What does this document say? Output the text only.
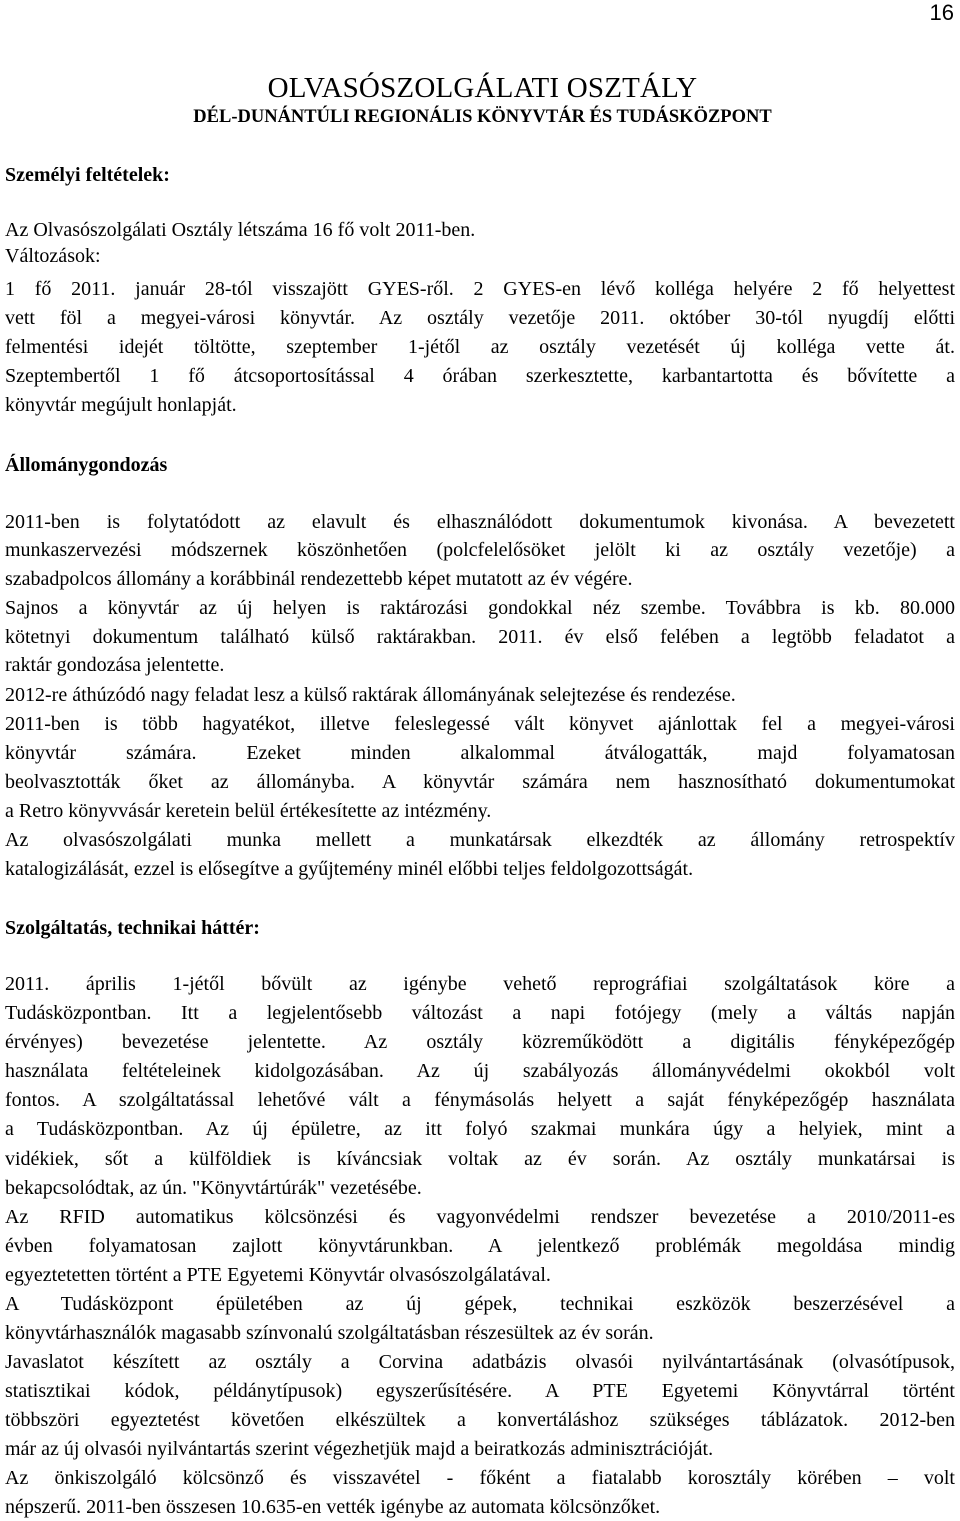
16
OLVASÓSZOLGÁLATI OSZTÁLY
DÉL-DUNÁNTÚLI REGIONÁLIS KÖNYVTÁR ÉS TUDÁSKÖZPONT
Személyi feltételek:
Az Olvasószolgálati Osztály létszáma 16 fő volt 2011-ben.
Változások:
1 fő 2011. január 28-tól visszajött GYES-ről. 2 GYES-en lévő kolléga helyére 2 fő helyettest
vett föl a megyei-városi könyvtár. Az osztály vezetője 2011. október 30-tól nyugdíj előtti
felmentési idejét töltötte, szeptember 1-jétől az osztály vezetését új kolléga vette át.
Szeptembertől 1 fő átcsoportosítással 4 órában szerkesztette, karbantartotta és bővítette a
könyvtár megújult honlapját.
Állománygondozás
2011-ben is folytatódott az elavult és elhasználódott dokumentumok kivonása. A bevezetett
munkaszervezési módszernek köszönhetően (polcfelelősöket jelölt ki az osztály vezetője) a
szabadpolcos állomány a korábbinál rendezettebb képet mutatott az év végére.
Sajnos a könyvtár az új helyen is raktározási gondokkal néz szembe. Továbbra is kb. 80.000
kötetnyi dokumentum található külső raktárakban. 2011. év első felében a legtöbb feladatot a
raktár gondozása jelentette.
2012-re áthúzódó nagy feladat lesz a külső raktárak állományának selejtezése és rendezése.
2011-ben is több hagyatékot, illetve feleslegessé vált könyvet ajánlottak fel a megyei-városi
könyvtár számára. Ezeket minden alkalommal átválogatták, majd folyamatosan
beolvasztották őket az állományba. A könyvtár számára nem hasznosítható dokumentumokat
a Retro könyvvásár keretein belül értékesítette az intézmény.
Az olvasószolgálati munka mellett a munkatársak elkezdték az állomány retrospektív
katalogizálását, ezzel is elősegítve a gyűjtemény minél előbbi teljes feldolgozottságát.
Szolgáltatás, technikai háttér:
2011. április 1-jétől bővült az igénybe vehető reprográfiai szolgáltatások köre a
Tudásközpontban. Itt a legjelentősebb változást a napi fotójegy (mely a váltás napján
érvényes) bevezetése jelentette. Az osztály közreműködött a digitális fényképezőgép
használata feltételeinek kidolgozásában. Az új szabályozás állományvédelmi okokból volt
fontos. A szolgáltatással lehetővé vált a fénymásolás helyett a saját fényképezőgép használata
a Tudásközpontban. Az új épületre, az itt folyó szakmai munkára úgy a helyiek, mint a
vidékiek, sőt a külföldiek is kíváncsiak voltak az év során. Az osztály munkatársai is
bekapcsolódtak, az ún. "Könyvtártúrák" vezetésébe.
Az RFID automatikus kölcsönzési és vagyonvédelmi rendszer bevezetése a 2010/2011-es
évben folyamatosan zajlott könyvtárunkban. A jelentkező problémák megoldása mindig
egyeztetetten történt a PTE Egyetemi Könyvtár olvasószolgálatával.
A Tudásközpont épületében az új gépek, technikai eszközök beszerzésével a
könyvtárhasználók magasabb színvonalú szolgáltatásban részesültek az év során.
Javaslatot készített az osztály a Corvina adatbázis olvasói nyilvántartásának (olvasótípusok,
statisztikai kódok, példánytípusok) egyszerűsítésére. A PTE Egyetemi Könyvtárral történt
többszöri egyeztetést követően elkészültek a konvertáláshoz szükséges táblázatok. 2012-ben
már az új olvasói nyilvántartás szerint végezhetjük majd a beiratkozás adminisztrációját.
Az önkiszolgáló kölcsönző és visszavétel - főként a fiatalabb korosztály körében – volt
népszerű. 2011-ben összesen 10.635-en vették igénybe az automata kölcsönzőket.
